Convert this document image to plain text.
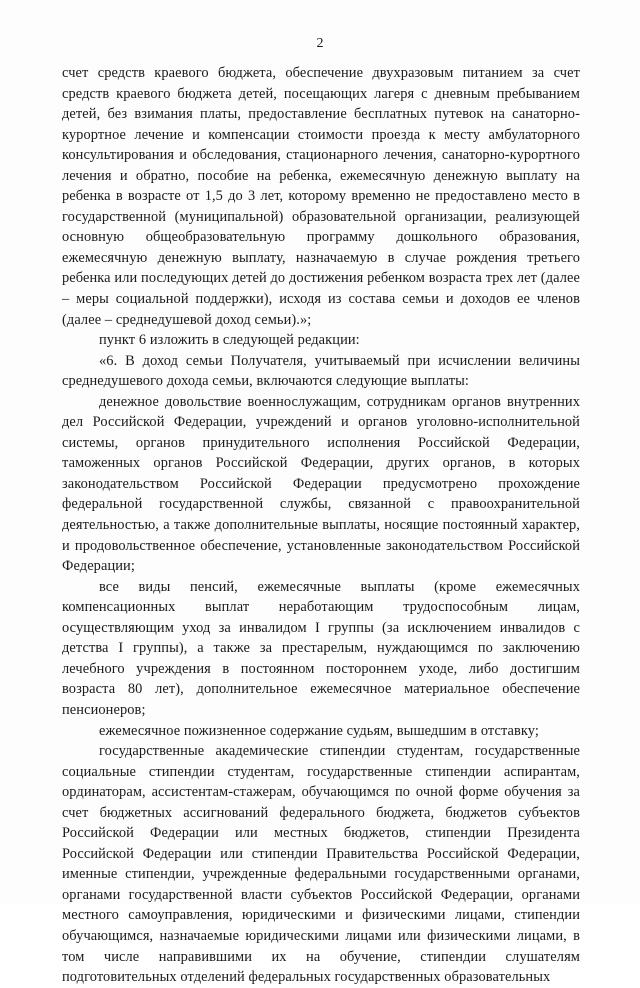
2

счет средств краевого бюджета, обеспечение двухразовым питанием за счет средств краевого бюджета детей, посещающих лагеря с дневным пребыванием детей, без взимания платы, предоставление бесплатных путевок на санаторно-курортное лечение и компенсации стоимости проезда к месту амбулаторного консультирования и обследования, стационарного лечения, санаторно-курортного лечения и обратно, пособие на ребенка, ежемесячную денежную выплату на ребенка в возрасте от 1,5 до 3 лет, которому временно не предоставлено место в государственной (муниципальной) образовательной организации, реализующей основную общеобразовательную программу дошкольного образования, ежемесячную денежную выплату, назначаемую в случае рождения третьего ребенка или последующих детей до достижения ребенком возраста трех лет (далее – меры социальной поддержки), исходя из состава семьи и доходов ее членов (далее – среднедушевой доход семьи).»;

пункт 6 изложить в следующей редакции:

«6. В доход семьи Получателя, учитываемый при исчислении величины среднедушевого дохода семьи, включаются следующие выплаты:

денежное довольствие военнослужащим, сотрудникам органов внутренних дел Российской Федерации, учреждений и органов уголовно-исполнительной системы, органов принудительного исполнения Российской Федерации, таможенных органов Российской Федерации, других органов, в которых законодательством Российской Федерации предусмотрено прохождение федеральной государственной службы, связанной с правоохранительной деятельностью, а также дополнительные выплаты, носящие постоянный характер, и продовольственное обеспечение, установленные законодательством Российской Федерации;

все виды пенсий, ежемесячные выплаты (кроме ежемесячных компенсационных выплат неработающим трудоспособным лицам, осуществляющим уход за инвалидом I группы (за исключением инвалидов с детства I группы), а также за престарелым, нуждающимся по заключению лечебного учреждения в постоянном постороннем уходе, либо достигшим возраста 80 лет), дополнительное ежемесячное материальное обеспечение пенсионеров;

ежемесячное пожизненное содержание судьям, вышедшим в отставку;

государственные академические стипендии студентам, государственные социальные стипендии студентам, государственные стипендии аспирантам, ординаторам, ассистентам-стажерам, обучающимся по очной форме обучения за счет бюджетных ассигнований федерального бюджета, бюджетов субъектов Российской Федерации или местных бюджетов, стипендии Президента Российской Федерации или стипендии Правительства Российской Федерации, именные стипендии, учрежденные федеральными государственными органами, органами государственной власти субъектов Российской Федерации, органами местного самоуправления, юридическими и физическими лицами, стипендии обучающимся, назначаемые юридическими лицами или физическими лицами, в том числе направившими их на обучение, стипендии слушателям подготовительных отделений федеральных государственных образовательных
